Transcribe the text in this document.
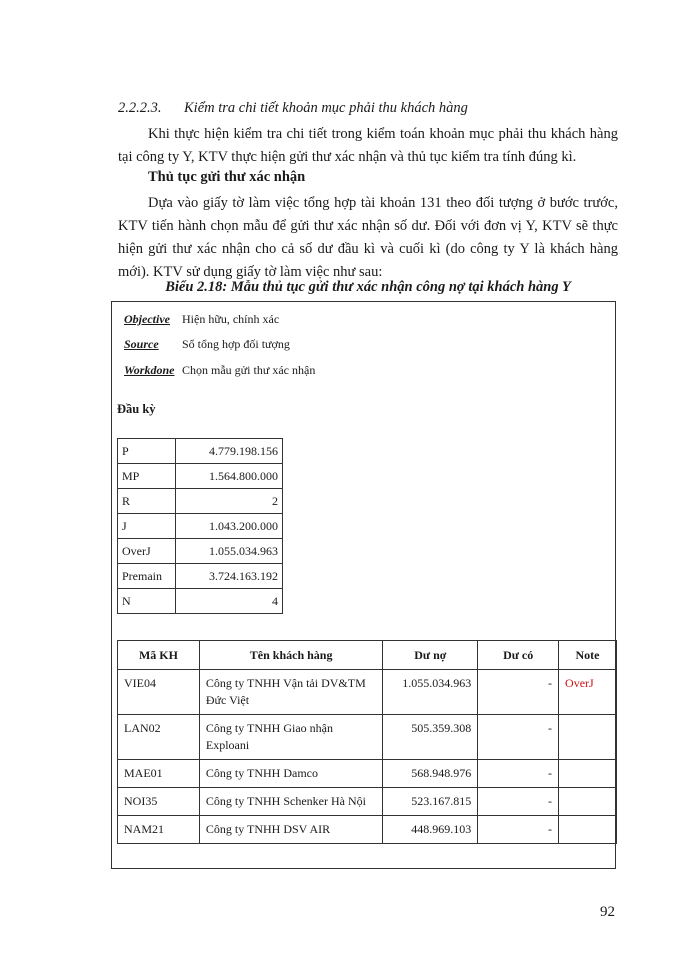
2.2.2.3. Kiểm tra chi tiết khoản mục phải thu khách hàng

Khi thực hiện kiểm tra chi tiết trong kiểm toán khoản mục phải thu khách hàng tại công ty Y, KTV thực hiện gửi thư xác nhận và thủ tục kiểm tra tính đúng kì.

Thủ tục gửi thư xác nhận

Dựa vào giấy tờ làm việc tổng hợp tài khoản 131 theo đối tượng ở bước trước, KTV tiến hành chọn mẫu để gửi thư xác nhận số dư. Đối với đơn vị Y, KTV sẽ thực hiện gửi thư xác nhận cho cả số dư đầu kì và cuối kì (do công ty Y là khách hàng mới). KTV sử dụng giấy tờ làm việc như sau:

Biểu 2.18: Mẫu thủ tục gửi thư xác nhận công nợ tại khách hàng Y
Objective Hiện hữu, chính xác
Source Sổ tổng hợp đối tượng
Workdone Chọn mẫu gửi thư xác nhận
Đầu kỳ
P	4.779.198.156
MP	1.564.800.000
R	2
J	1.043.200.000
OverJ	1.055.034.963
Premain	3.724.163.192
N	4
Mã KH	Tên khách hàng	Dư nợ	Dư có	Note
VIE04	Công ty TNHH Vận tải DV&TM Đức Việt	1.055.034.963	-	OverJ
LAN02	Công ty TNHH Giao nhận Exploani	505.359.308	-	
MAE01	Công ty TNHH Damco	568.948.976	-	
NOI35	Công ty TNHH Schenker Hà Nội	523.167.815	-	
NAM21	Công ty TNHH DSV AIR	448.969.103	-	
92
